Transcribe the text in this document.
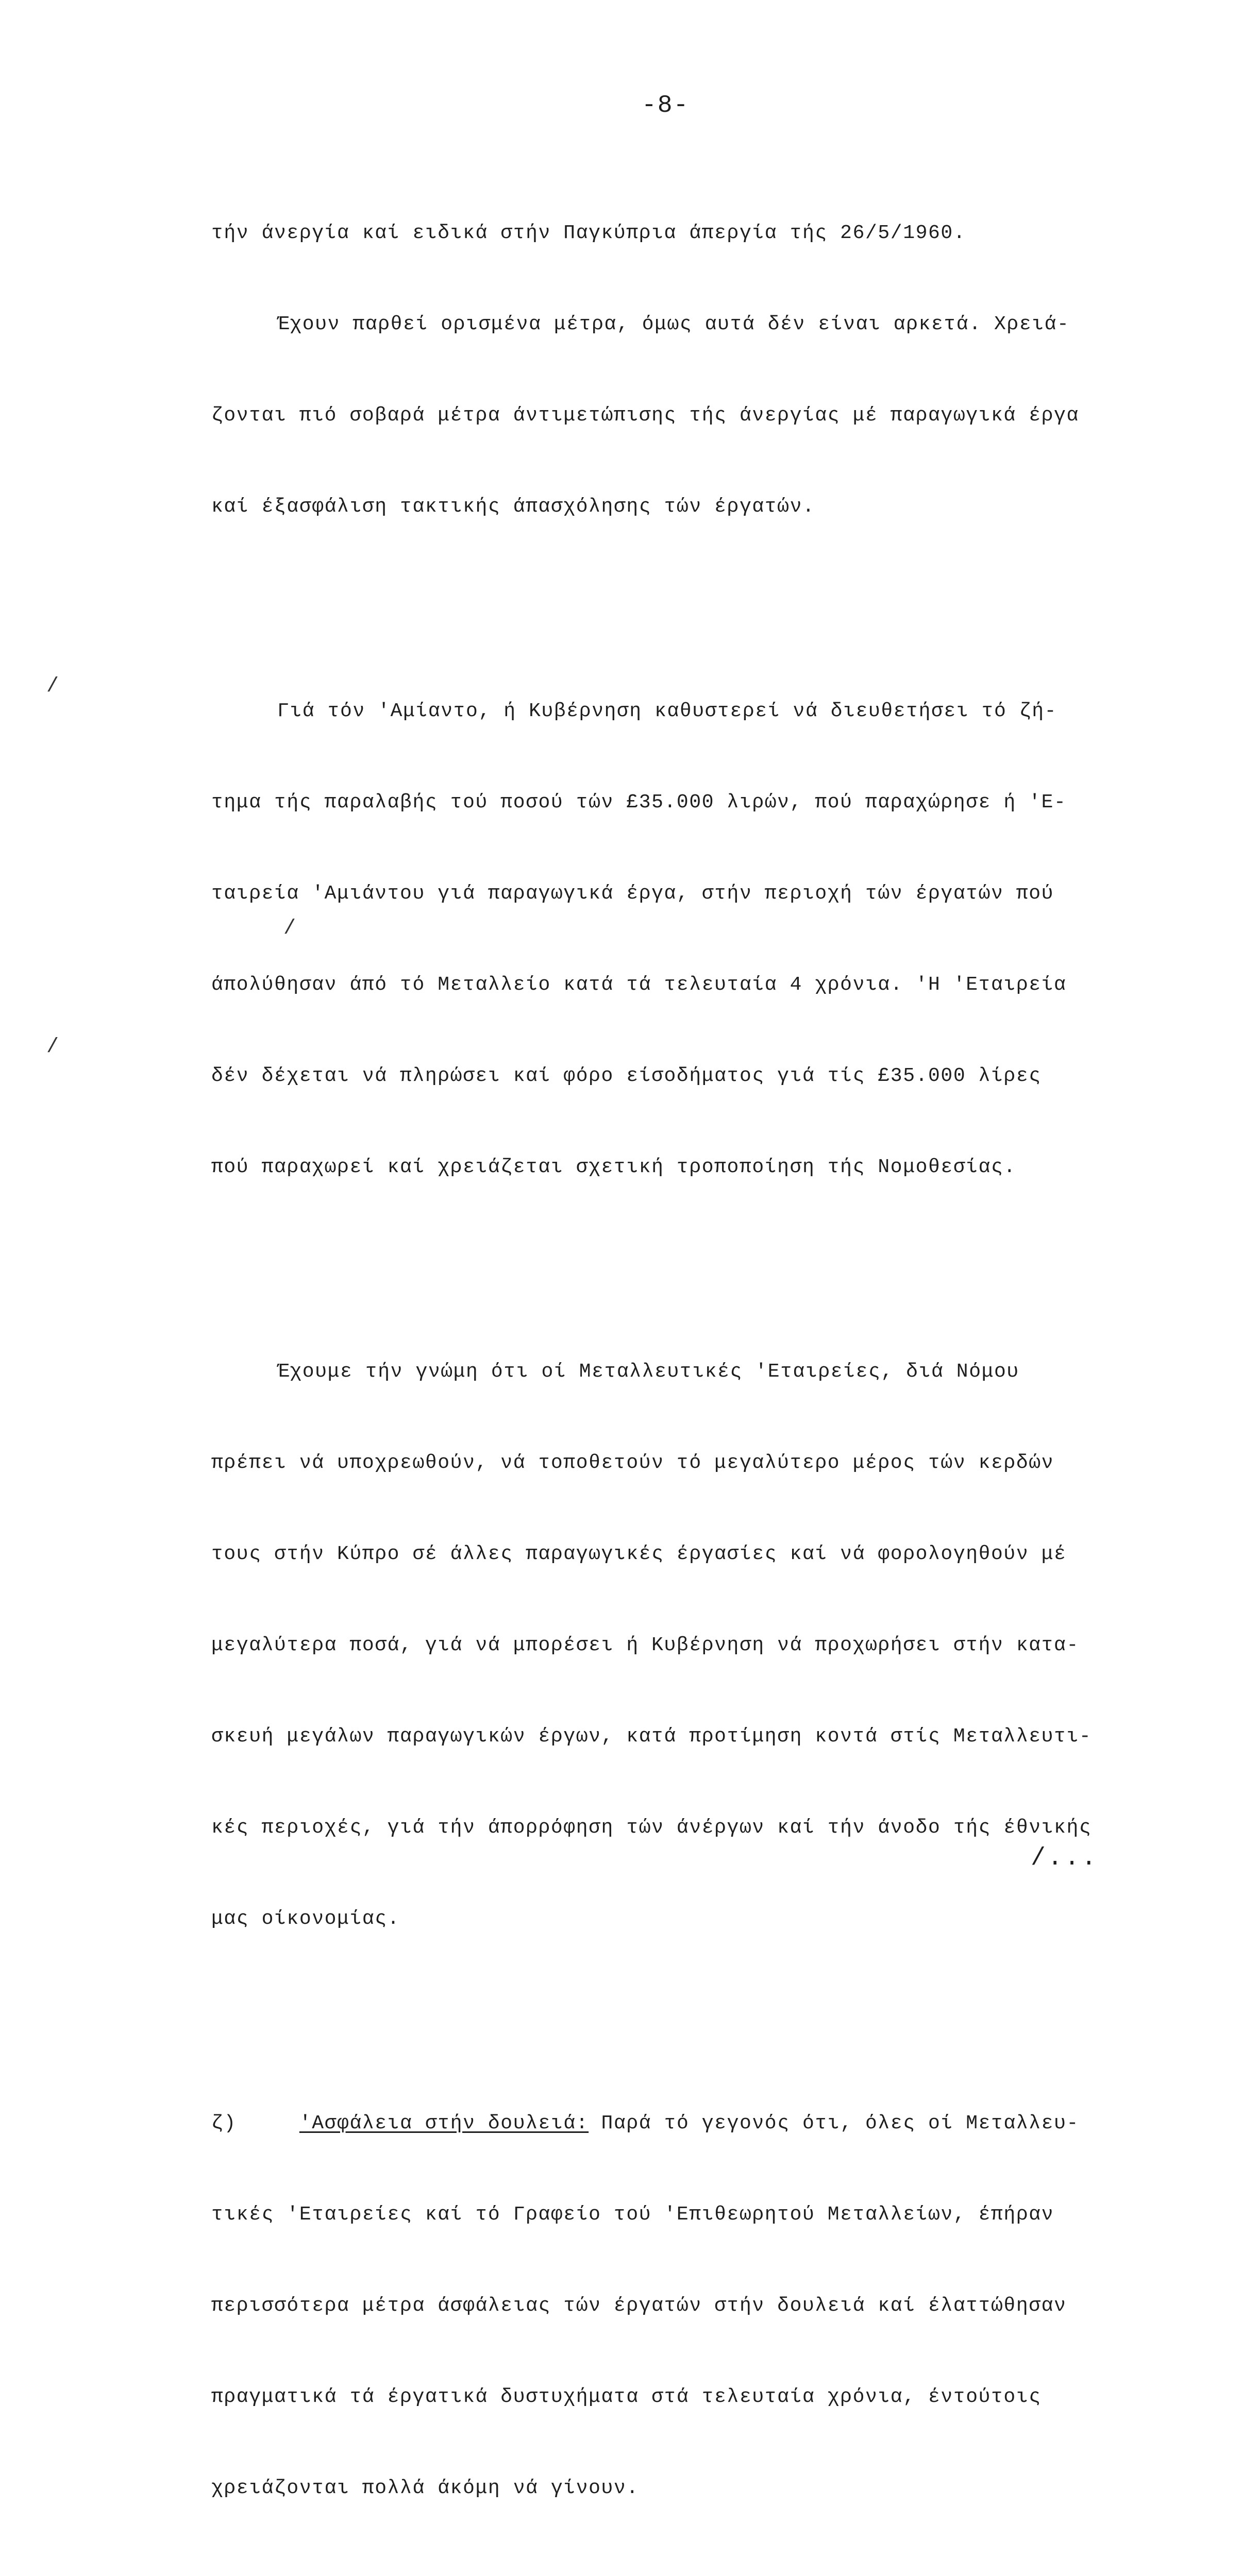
-8-

τήν άνεργία καί ειδικά στήν Παγκύπρια άπεργία τής 26/5/1960.

Έχουν παρθεί ορισμένα μέτρα, όμως αυτά δέν είναι αρκετά. Χρειά-

ζονται πιό σοβαρά μέτρα άντιμετώπισης τής άνεργίας μέ παραγωγικά έργα

καί έξασφάλιση τακτικής άπασχόλησης τών έργατών.

Γιά τόν 'Αμίαντο, ή Κυβέρνηση καθυστερεί νά διευθετήσει τό ζή-

τημα τής παραλαβής τού ποσού τών £35.000 λιρών, πού παραχώρησε ή 'Ε-

ταιρεία 'Αμιάντου γιά παραγωγικά έργα, στήν περιοχή τών έργατών πού

άπολύθησαν άπό τό Μεταλλείο κατά τά τελευταία 4 χρόνια. 'Η 'Εταιρεία

δέν δέχεται νά πληρώσει καί φόρο είσοδήματος γιά τίς £35.000 λίρες

πού παραχωρεί καί χρειάζεται σχετική τροποποίηση τής Νομοθεσίας.

Έχουμε τήν γνώμη ότι οί Μεταλλευτικές 'Εταιρείες, διά Νόμου

πρέπει νά υποχρεωθούν, νά τοποθετούν τό μεγαλύτερο μέρος τών κερδών

τους στήν Κύπρο σέ άλλες παραγωγικές έργασίες καί νά φορολογηθούν μέ

μεγαλύτερα ποσά, γιά νά μπορέσει ή Κυβέρνηση νά προχωρήσει στήν κατα-

σκευή μεγάλων παραγωγικών έργων, κατά προτίμηση κοντά στίς Μεταλλευτι-

κές περιοχές, γιά τήν άπορρόφηση τών άνέργων καί τήν άνοδο τής έθνικής

μας οίκονομίας.

ζ)	'Ασφάλεια στήν δουλειά: Παρά τό γεγονός ότι, όλες οί Μεταλλευ-

τικές 'Εταιρείες καί τό Γραφείο τού 'Επιθεωρητού Μεταλλείων, έπήραν

περισσότερα μέτρα άσφάλειας τών έργατών στήν δουλειά καί έλαττώθησαν

πραγματικά τά έργατικά δυστυχήματα στά τελευταία χρόνια, έντούτοις

χρειάζονται πολλά άκόμη νά γίνουν.

/...
/
/
/
